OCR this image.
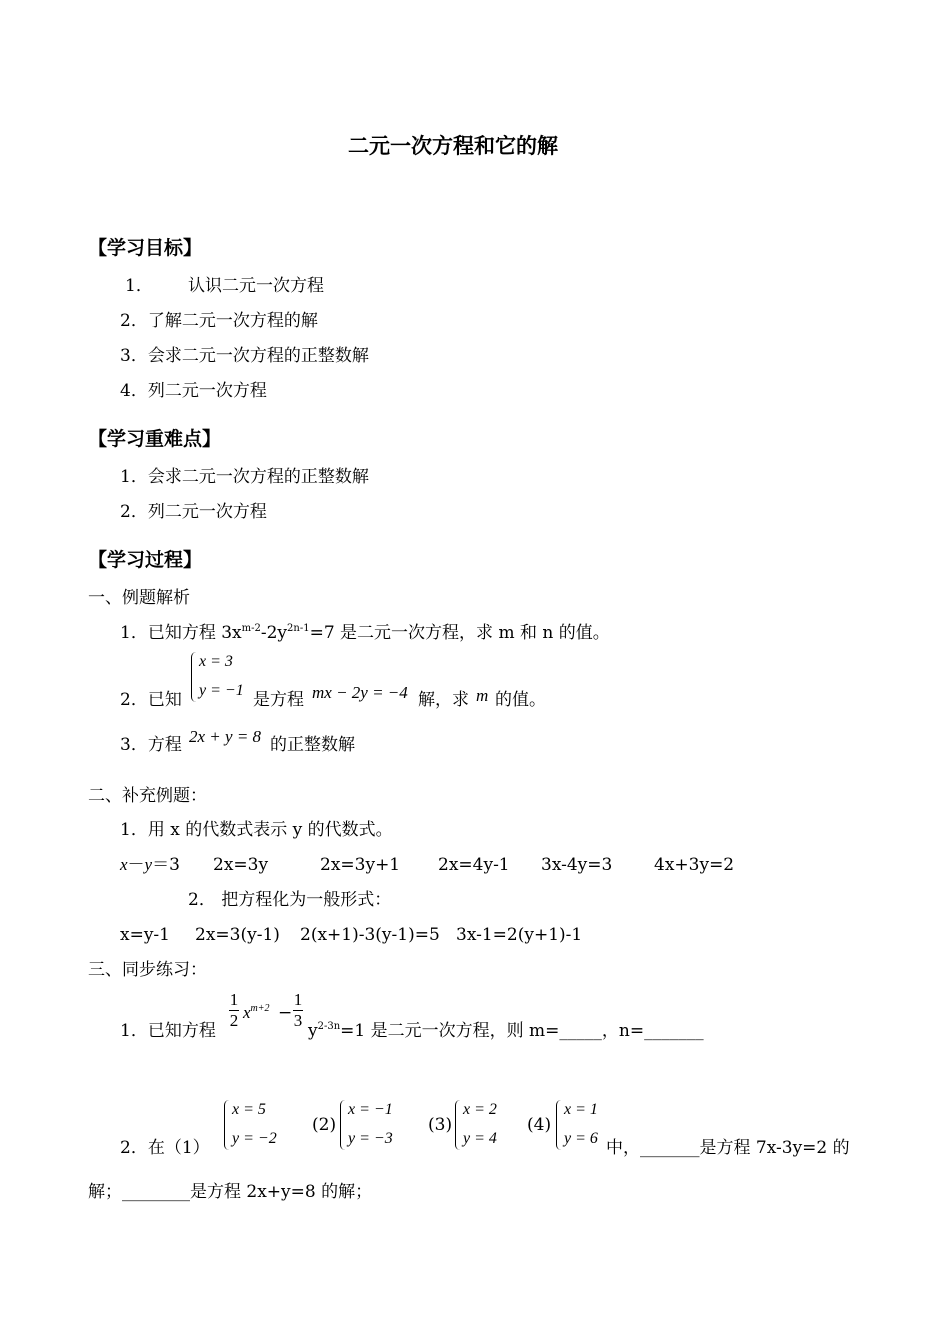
二元一次方程和它的解
【学习目标】
1． 认识二元一次方程
2．了解二元一次方程的解
3．会求二元一次方程的正整数解
4．列二元一次方程
【学习重难点】
1．会求二元一次方程的正整数解
2．列二元一次方程
【学习过程】
一、例题解析
1．已知方程 $3x^{m-2}-2y^{2n-1}=7$ 是二元一次方程，求 m 和 n 的值。
2．已知
x = 3
y = −1 是方程 mx − 2y = −4 解，求 m 的值。
3．方程 2x + y = 8 的正整数解
二、补充例题：
1．用 x 的代数式表示 y 的代数式。
x－y＝3 2x=3y	2x=3y+1 2x=4y-1 3x-4y=3 4x+3y=2
2． 把方程化为一般形式：
x=y-1 2x=3(y-1) 2(x+1)-3(y-1)=5 3x-1=2(y+1)-1
三、同步练习：
1．已知方程
1
2 $x^{m+2}$ −
1
3
$y^{2-3n}=1$ 是二元一次方程，则 m=_____，n=_______
2．在（1）
x = 5
y = −2
(2)
x = −1
y = −3
(3)
x = 2
y = 4
(4)
x = 1
y = 6 中，_______是方程 7x-3y=2 的
解；________是方程 2x+y=8 的解；
